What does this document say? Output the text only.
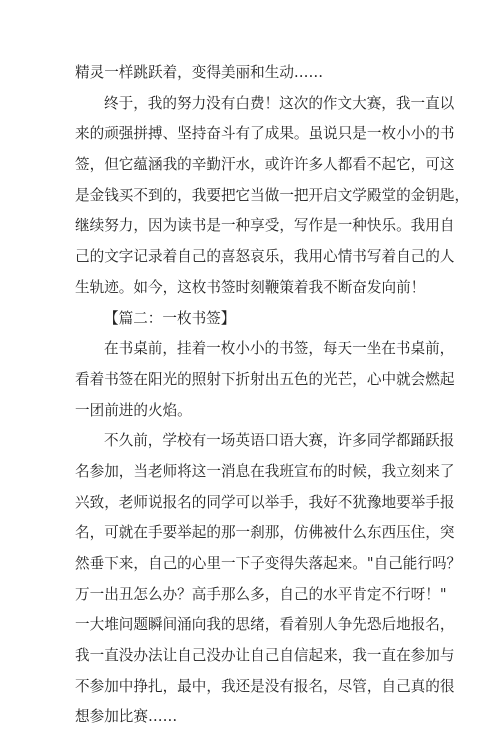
精灵一样跳跃着，变得美丽和生动……
终于，我的努力没有白费！这次的作文大赛，我一直以
来的顽强拼搏、坚持奋斗有了成果。虽说只是一枚小小的书
签，但它蕴涵我的辛勤汗水，或许许多人都看不起它，可这
是金钱买不到的，我要把它当做一把开启文学殿堂的金钥匙，
继续努力，因为读书是一种享受，写作是一种快乐。我用自
己的文字记录着自己的喜怒哀乐，我用心情书写着自己的人
生轨迹。如今，这枚书签时刻鞭策着我不断奋发向前！
【篇二：一枚书签】
在书桌前，挂着一枚小小的书签，每天一坐在书桌前，
看着书签在阳光的照射下折射出五色的光芒，心中就会燃起
一团前进的火焰。
不久前，学校有一场英语口语大赛，许多同学都踊跃报
名参加，当老师将这一消息在我班宣布的时候，我立刻来了
兴致，老师说报名的同学可以举手，我好不犹豫地要举手报
名，可就在手要举起的那一刹那，仿佛被什么东西压住，突
然垂下来，自己的心里一下子变得失落起来。"自己能行吗？
万一出丑怎么办？高手那么多，自己的水平肯定不行呀！"
一大堆问题瞬间涌向我的思绪，看着别人争先恐后地报名，
我一直没办法让自己没办让自己自信起来，我一直在参加与
不参加中挣扎，最中，我还是没有报名，尽管，自己真的很
想参加比赛……
